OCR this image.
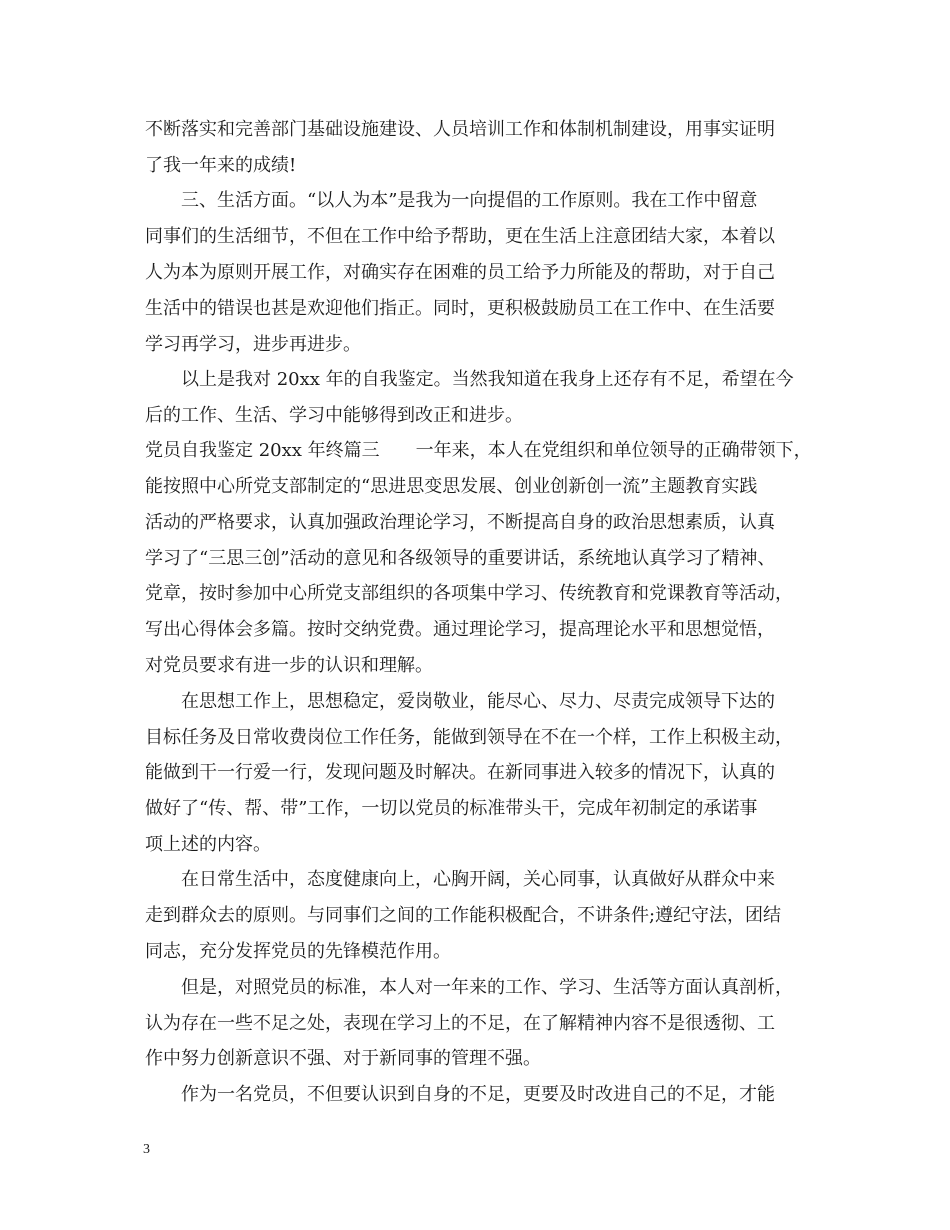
不断落实和完善部门基础设施建设、人员培训工作和体制机制建设，用事实证明
了我一年来的成绩!
　　三、生活方面。“以人为本”是我为一向提倡的工作原则。我在工作中留意
同事们的生活细节，不但在工作中给予帮助，更在生活上注意团结大家，本着以
人为本为原则开展工作，对确实存在困难的员工给予力所能及的帮助，对于自己
生活中的错误也甚是欢迎他们指正。同时，更积极鼓励员工在工作中、在生活要
学习再学习，进步再进步。
　　以上是我对 20xx 年的自我鉴定。当然我知道在我身上还存有不足，希望在今
后的工作、生活、学习中能够得到改正和进步。
党员自我鉴定 20xx 年终篇三　　一年来，本人在党组织和单位领导的正确带领下，
能按照中心所党支部制定的“思进思变思发展、创业创新创一流”主题教育实践
活动的严格要求，认真加强政治理论学习，不断提高自身的政治思想素质，认真
学习了“三思三创”活动的意见和各级领导的重要讲话，系统地认真学习了精神、
党章，按时参加中心所党支部组织的各项集中学习、传统教育和党课教育等活动，
写出心得体会多篇。按时交纳党费。通过理论学习，提高理论水平和思想觉悟，
对党员要求有进一步的认识和理解。
　　在思想工作上，思想稳定，爱岗敬业，能尽心、尽力、尽责完成领导下达的
目标任务及日常收费岗位工作任务，能做到领导在不在一个样，工作上积极主动，
能做到干一行爱一行，发现问题及时解决。在新同事进入较多的情况下，认真的
做好了“传、帮、带”工作，一切以党员的标准带头干，完成年初制定的承诺事
项上述的内容。
　　在日常生活中，态度健康向上，心胸开阔，关心同事，认真做好从群众中来
走到群众去的原则。与同事们之间的工作能积极配合，不讲条件;遵纪守法，团结
同志，充分发挥党员的先锋模范作用。
　　但是，对照党员的标准，本人对一年来的工作、学习、生活等方面认真剖析，
认为存在一些不足之处，表现在学习上的不足，在了解精神内容不是很透彻、工
作中努力创新意识不强、对于新同事的管理不强。
　　作为一名党员，不但要认识到自身的不足，更要及时改进自己的不足，才能
3
